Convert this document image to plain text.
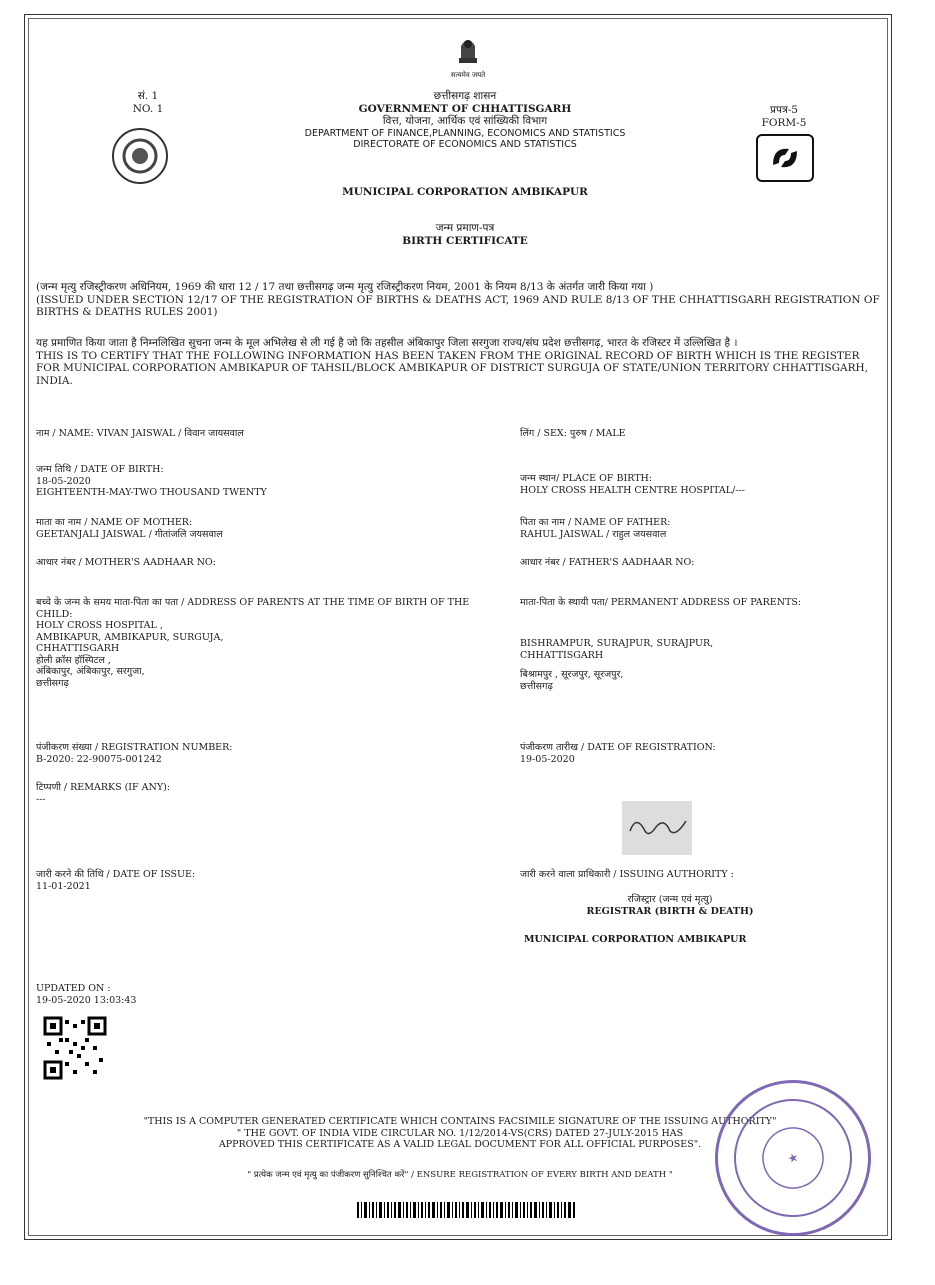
सत्यमेव जयते
सं. 1
NO. 1
छत्तीसगढ़ शासन
GOVERNMENT OF CHHATTISGARH
वित्त, योजना, आर्थिक एवं सांख्यिकी विभाग
DEPARTMENT OF FINANCE,PLANNING, ECONOMICS AND STATISTICS
DIRECTORATE OF ECONOMICS AND STATISTICS
प्रपत्र-5
FORM-5
MUNICIPAL CORPORATION AMBIKAPUR
जन्म प्रमाण-पत्र
BIRTH CERTIFICATE
(जन्म मृत्यु रजिस्ट्रीकरण अधिनियम, 1969 की धारा 12 / 17 तथा छत्तीसगढ़ जन्म मृत्यु रजिस्ट्रीकरण नियम, 2001 के नियम 8/13 के अंतर्गत जारी किया गया )
(ISSUED UNDER SECTION 12/17 OF THE REGISTRATION OF BIRTHS & DEATHS ACT, 1969 AND RULE 8/13 OF THE CHHATTISGARH REGISTRATION OF BIRTHS & DEATHS RULES 2001)
यह प्रमाणित किया जाता है निम्नलिखित सुचना जन्म के मूल अभिलेख से ली गई है जो कि तहसील अंबिकापुर जिला सरगुजा राज्य/संघ प्रदेश छत्तीसगढ़, भारत के रजिस्टर में उल्लिखित है ।
THIS IS TO CERTIFY THAT THE FOLLOWING INFORMATION HAS BEEN TAKEN FROM THE ORIGINAL RECORD OF BIRTH WHICH IS THE REGISTER FOR MUNICIPAL CORPORATION AMBIKAPUR OF TAHSIL/BLOCK AMBIKAPUR OF DISTRICT SURGUJA OF STATE/UNION TERRITORY CHHATTISGARH, INDIA.
नाम / NAME: VIVAN JAISWAL / विवान जायसवाल
जन्म तिथि / DATE OF BIRTH:
18-05-2020
EIGHTEENTH-MAY-TWO THOUSAND TWENTY
माता का नाम / NAME OF MOTHER:
GEETANJALI JAISWAL / गीतांजलि जयसवाल
आधार नंबर / MOTHER'S AADHAAR NO:
बच्चे के जन्म के समय माता-पिता का पता / ADDRESS OF PARENTS AT THE TIME OF BIRTH OF THE CHILD:
HOLY CROSS HOSPITAL ,
AMBIKAPUR, AMBIKAPUR, SURGUJA,
CHHATTISGARH
होली क्रॉस हॉस्पिटल ,
अंबिकापुर, अंबिकापुर, सरगुजा,
छत्तीसगढ़
पंजीकरण संख्या / REGISTRATION NUMBER:
B-2020: 22-90075-001242
टिप्पणी / REMARKS (IF ANY):
---
जारी करने की तिथि / DATE OF ISSUE:
11-01-2021
लिंग / SEX: पुरुष / MALE
जन्म स्थान/ PLACE OF BIRTH:
HOLY CROSS HEALTH CENTRE HOSPITAL/---
पिता का नाम / NAME OF FATHER:
RAHUL JAISWAL / राहुल जयसवाल
आधार नंबर / FATHER'S AADHAAR NO:
माता-पिता के स्थायी पता/ PERMANENT ADDRESS OF PARENTS:
BISHRAMPUR, SURAJPUR, SURAJPUR,
CHHATTISGARH
बिश्रामपुर , सूरजपुर, सूरजपुर,
छत्तीसगढ़
पंजीकरण तारीख / DATE OF REGISTRATION:
19-05-2020
जारी करने वाला प्राधिकारी / ISSUING AUTHORITY :
रजिस्ट्रार (जन्म एवं मृत्यु)
REGISTRAR (BIRTH & DEATH)
MUNICIPAL CORPORATION AMBIKAPUR
UPDATED ON :
19-05-2020 13:03:43
"THIS IS A COMPUTER GENERATED CERTIFICATE WHICH CONTAINS FACSIMILE SIGNATURE OF THE ISSUING AUTHORITY"
" THE GOVT. OF INDIA VIDE CIRCULAR NO. 1/12/2014-VS(CRS) DATED 27-JULY-2015 HAS
APPROVED THIS CERTIFICATE AS A VALID LEGAL DOCUMENT FOR ALL OFFICIAL PURPOSES".
" प्रत्येक जन्म एवं मृत्यु का पंजीकरण सुनिश्चित करें" / ENSURE REGISTRATION OF EVERY BIRTH AND DEATH "
★
